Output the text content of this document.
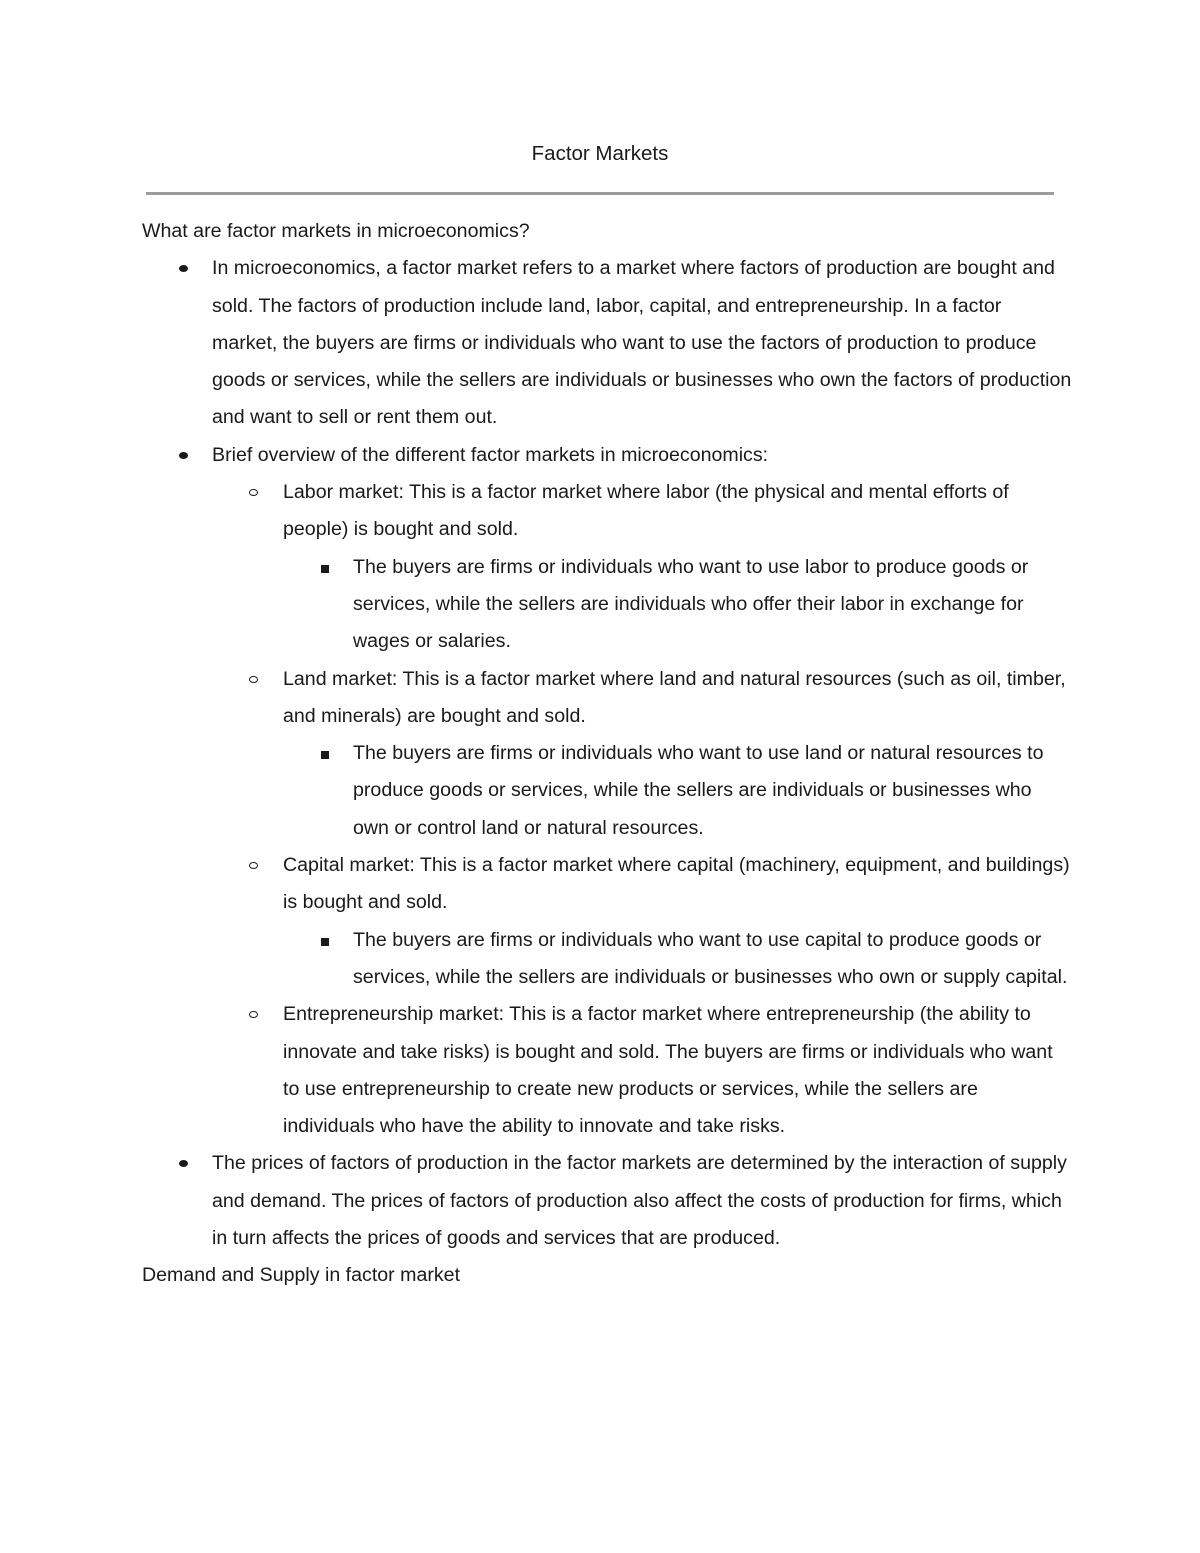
Factor Markets

What are factor markets in microeconomics?

In microeconomics, a factor market refers to a market where factors of production are bought and sold. The factors of production include land, labor, capital, and entrepreneurship. In a factor market, the buyers are firms or individuals who want to use the factors of production to produce goods or services, while the sellers are individuals or businesses who own the factors of production and want to sell or rent them out.
Brief overview of the different factor markets in microeconomics:
Labor market: This is a factor market where labor (the physical and mental efforts of people) is bought and sold.
The buyers are firms or individuals who want to use labor to produce goods or services, while the sellers are individuals who offer their labor in exchange for wages or salaries.
Land market: This is a factor market where land and natural resources (such as oil, timber, and minerals) are bought and sold.
The buyers are firms or individuals who want to use land or natural resources to produce goods or services, while the sellers are individuals or businesses who own or control land or natural resources.
Capital market: This is a factor market where capital (machinery, equipment, and buildings) is bought and sold.
The buyers are firms or individuals who want to use capital to produce goods or services, while the sellers are individuals or businesses who own or supply capital.
Entrepreneurship market: This is a factor market where entrepreneurship (the ability to innovate and take risks) is bought and sold. The buyers are firms or individuals who want to use entrepreneurship to create new products or services, while the sellers are individuals who have the ability to innovate and take risks.
The prices of factors of production in the factor markets are determined by the interaction of supply and demand. The prices of factors of production also affect the costs of production for firms, which in turn affects the prices of goods and services that are produced.

Demand and Supply in factor market
